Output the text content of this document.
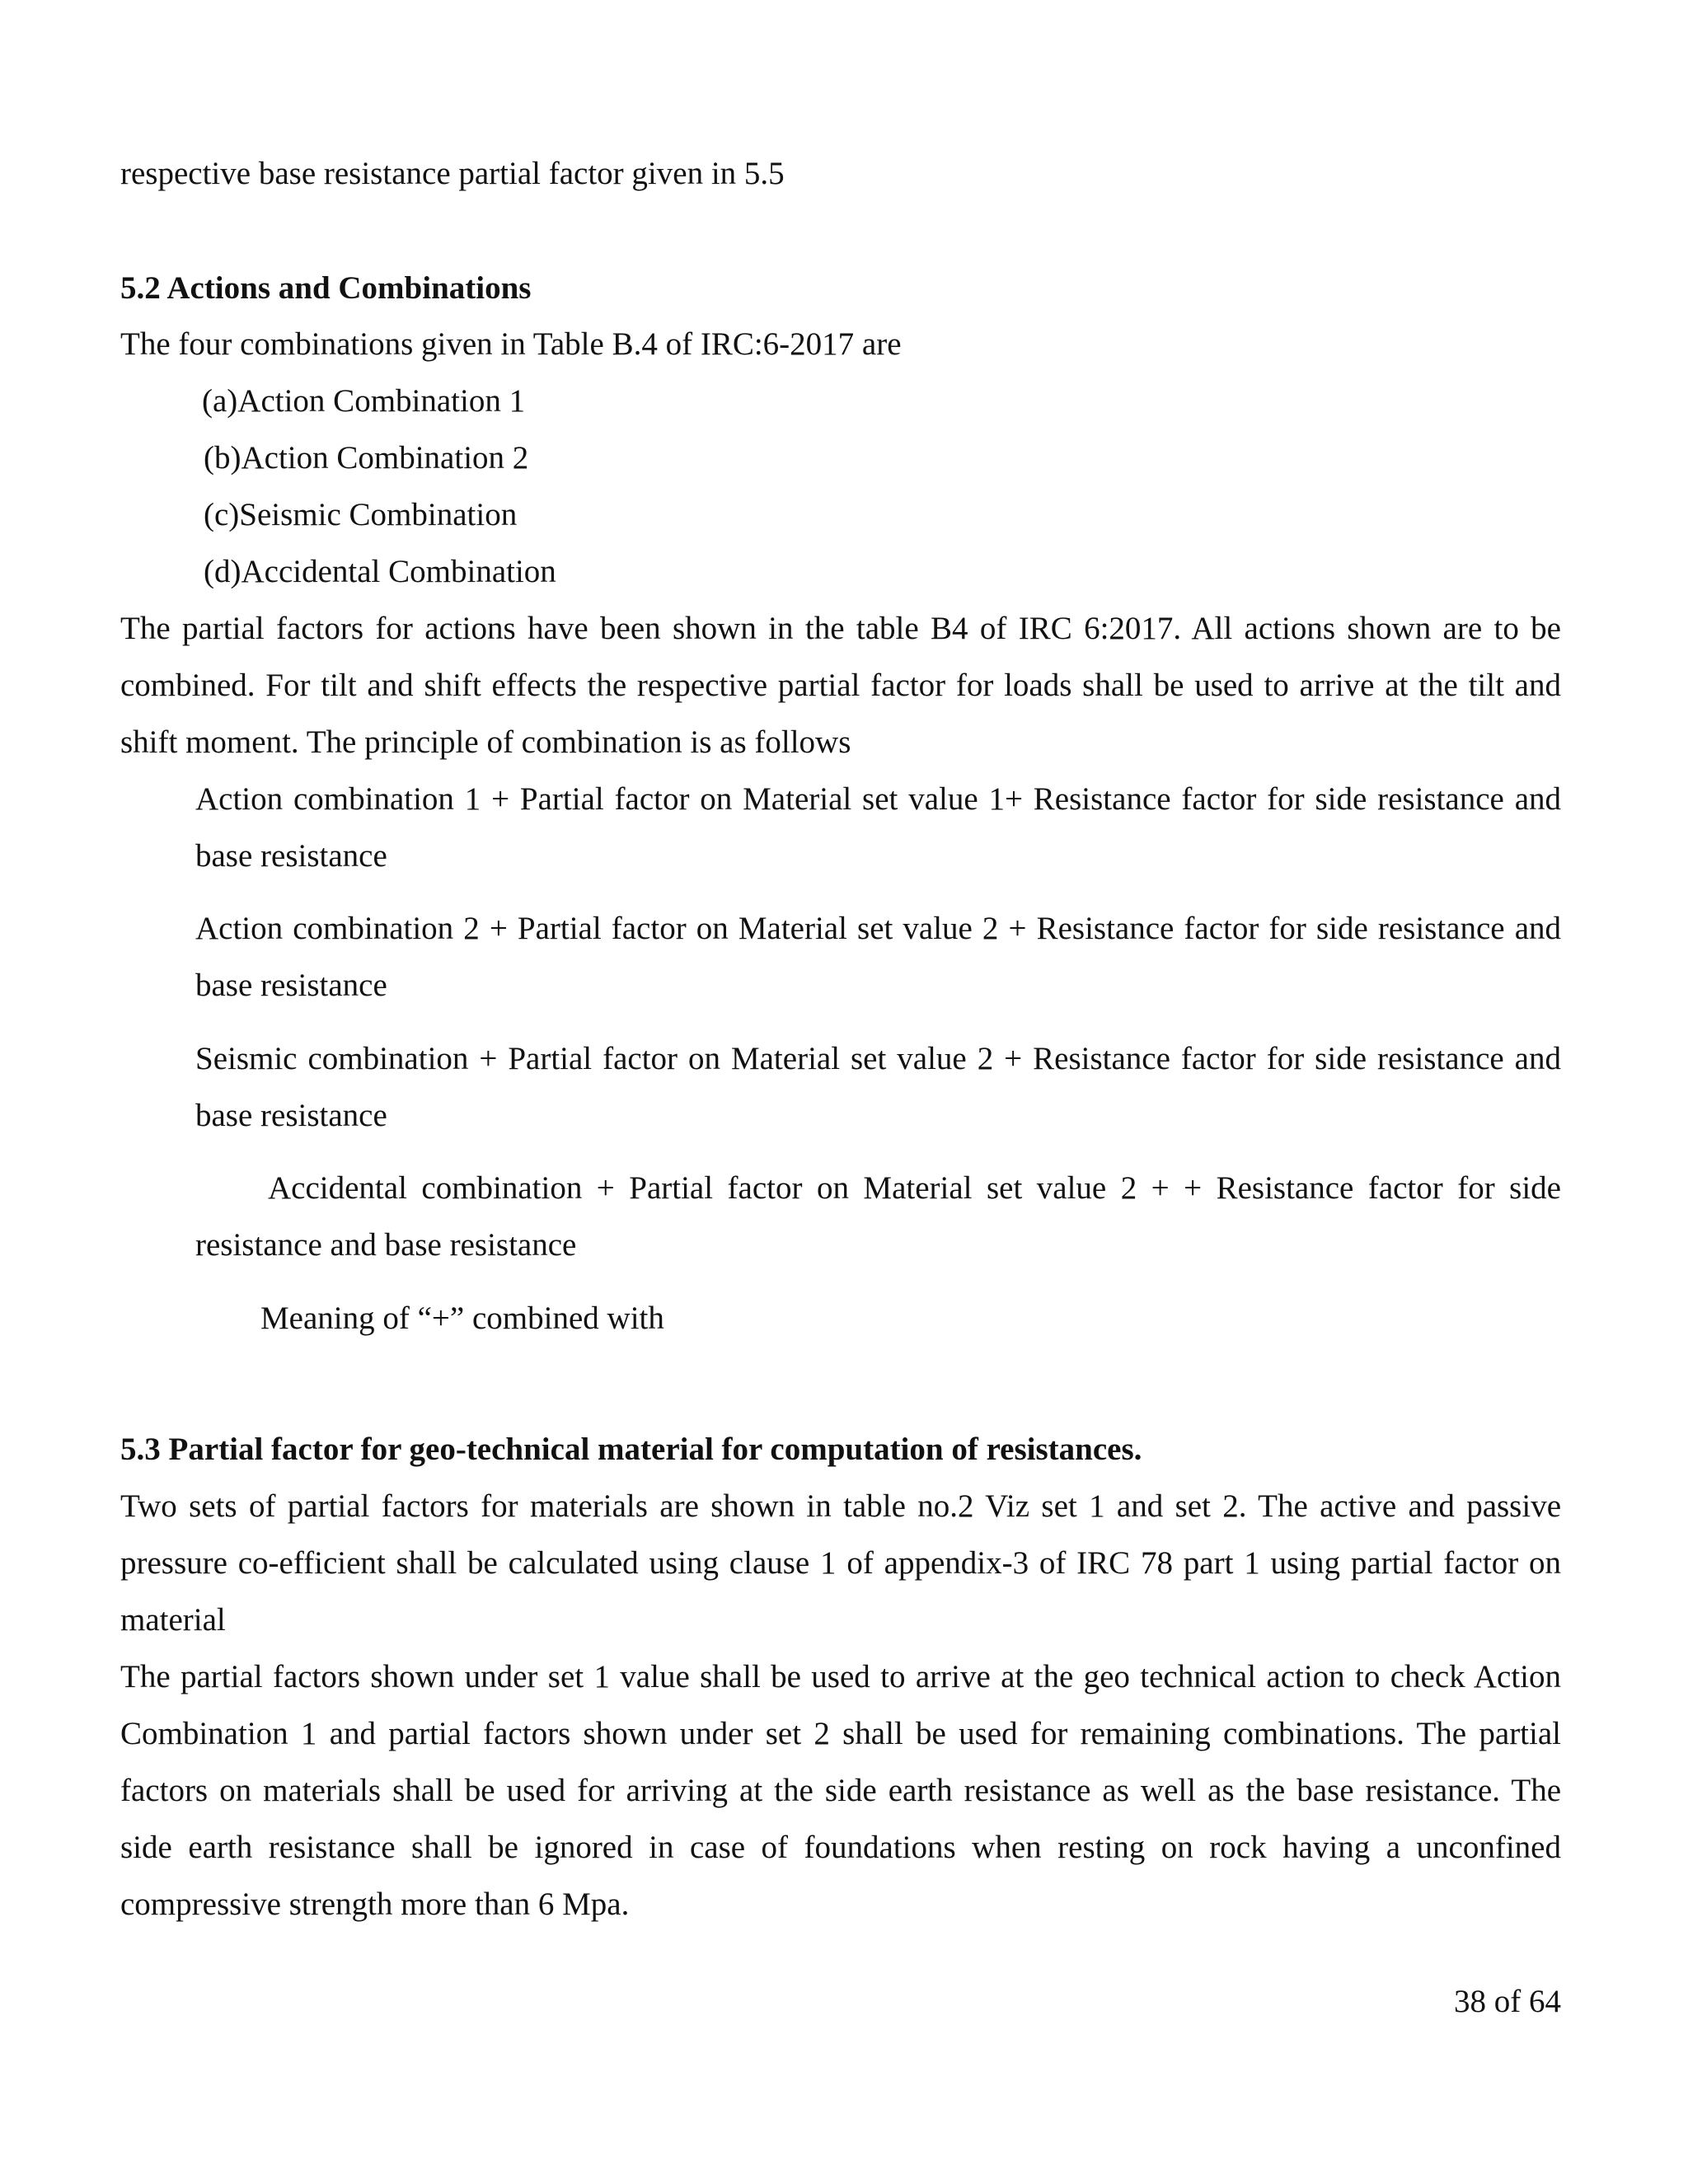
respective base resistance partial factor given in 5.5

5.2 Actions and Combinations

The four combinations given in Table B.4 of IRC:6-2017 are

(a)Action Combination 1

(b)Action Combination 2

(c)Seismic Combination

(d)Accidental Combination

The partial factors for actions have been shown in the table B4 of IRC 6:2017. All actions shown are to be

combined. For tilt and shift effects the respective partial factor for loads shall be used to arrive at the tilt and

shift moment. The principle of combination is as follows

Action combination 1 + Partial factor on Material set value 1+ Resistance factor for side resistance and

base resistance

Action combination 2 + Partial factor on Material set value 2 + Resistance factor for side resistance and

base resistance

Seismic combination + Partial factor on Material set value 2 + Resistance factor for side resistance and

base resistance

Accidental combination + Partial factor on Material set value 2 + + Resistance factor for side

resistance and base resistance

Meaning of “+” combined with

5.3 Partial factor for geo-technical material for computation of resistances.

Two sets of partial factors for materials are shown in table no.2 Viz set 1 and set 2. The active and passive

pressure co-efficient shall be calculated using clause 1 of appendix-3 of IRC 78 part 1 using partial factor on

material

The partial factors shown under set 1 value shall be used to arrive at the geo technical action to check Action

Combination 1 and partial factors shown under set 2 shall be used for remaining combinations. The partial

factors on materials shall be used for arriving at the side earth resistance as well as the base resistance. The

side earth resistance shall be ignored in case of foundations when resting on rock having a unconfined

compressive strength more than 6 Mpa.

38 of 64
